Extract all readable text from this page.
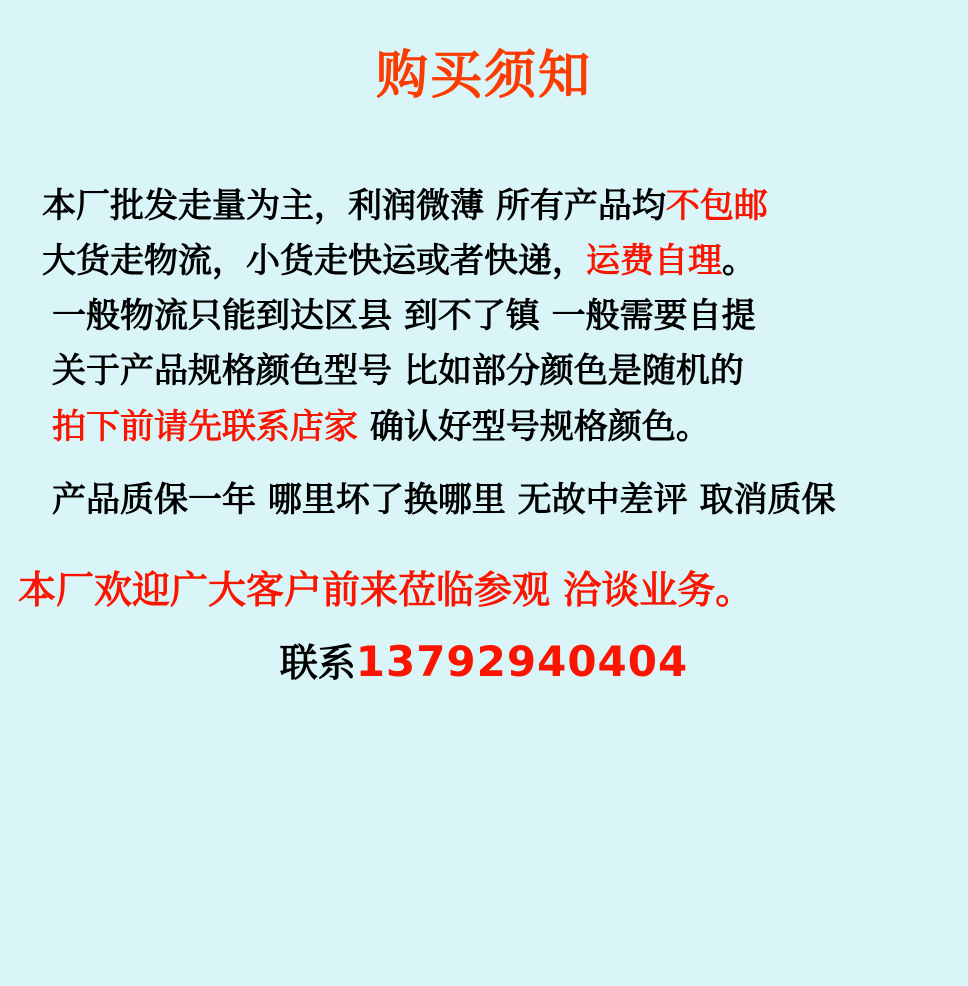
购买须知
本厂批发走量为主，利润微薄 所有产品均不包邮
大货走物流，小货走快运或者快递，运费自理。
一般物流只能到达区县 到不了镇 一般需要自提
关于产品规格颜色型号 比如部分颜色是随机的
拍下前请先联系店家 确认好型号规格颜色。
产品质保一年 哪里坏了换哪里 无故中差评 取消质保
本厂欢迎广大客户前来莅临参观 洽谈业务。
联系13792940404
